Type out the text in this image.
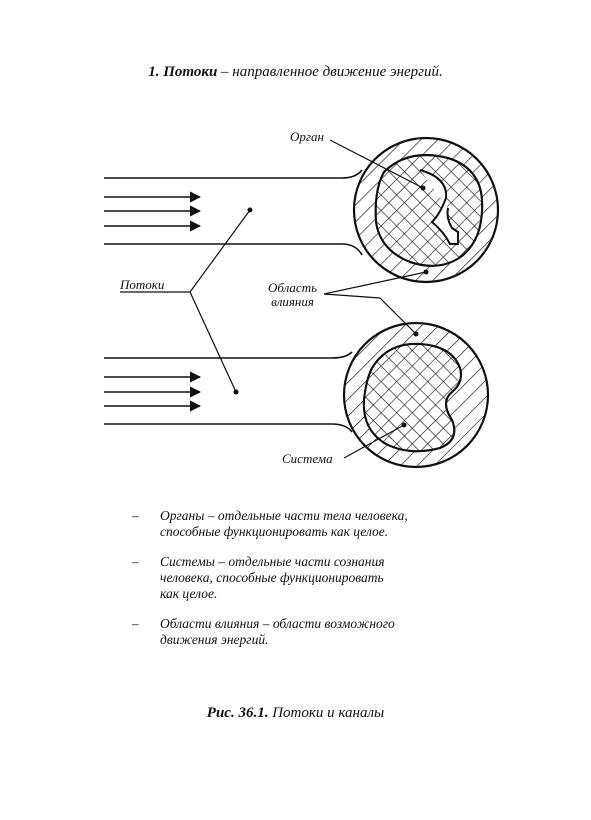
1. Потоки – направленное движение энергий.
Орган
Потоки	Область
влияния
Система
–	Органы – отдельные части тела человека,
способные функционировать как целое.
–	Системы – отдельные части сознания
человека, способные функционировать
как целое.
–	Области влияния – области возможного
движения энергий.
Рис. 36.1. Потоки и каналы
